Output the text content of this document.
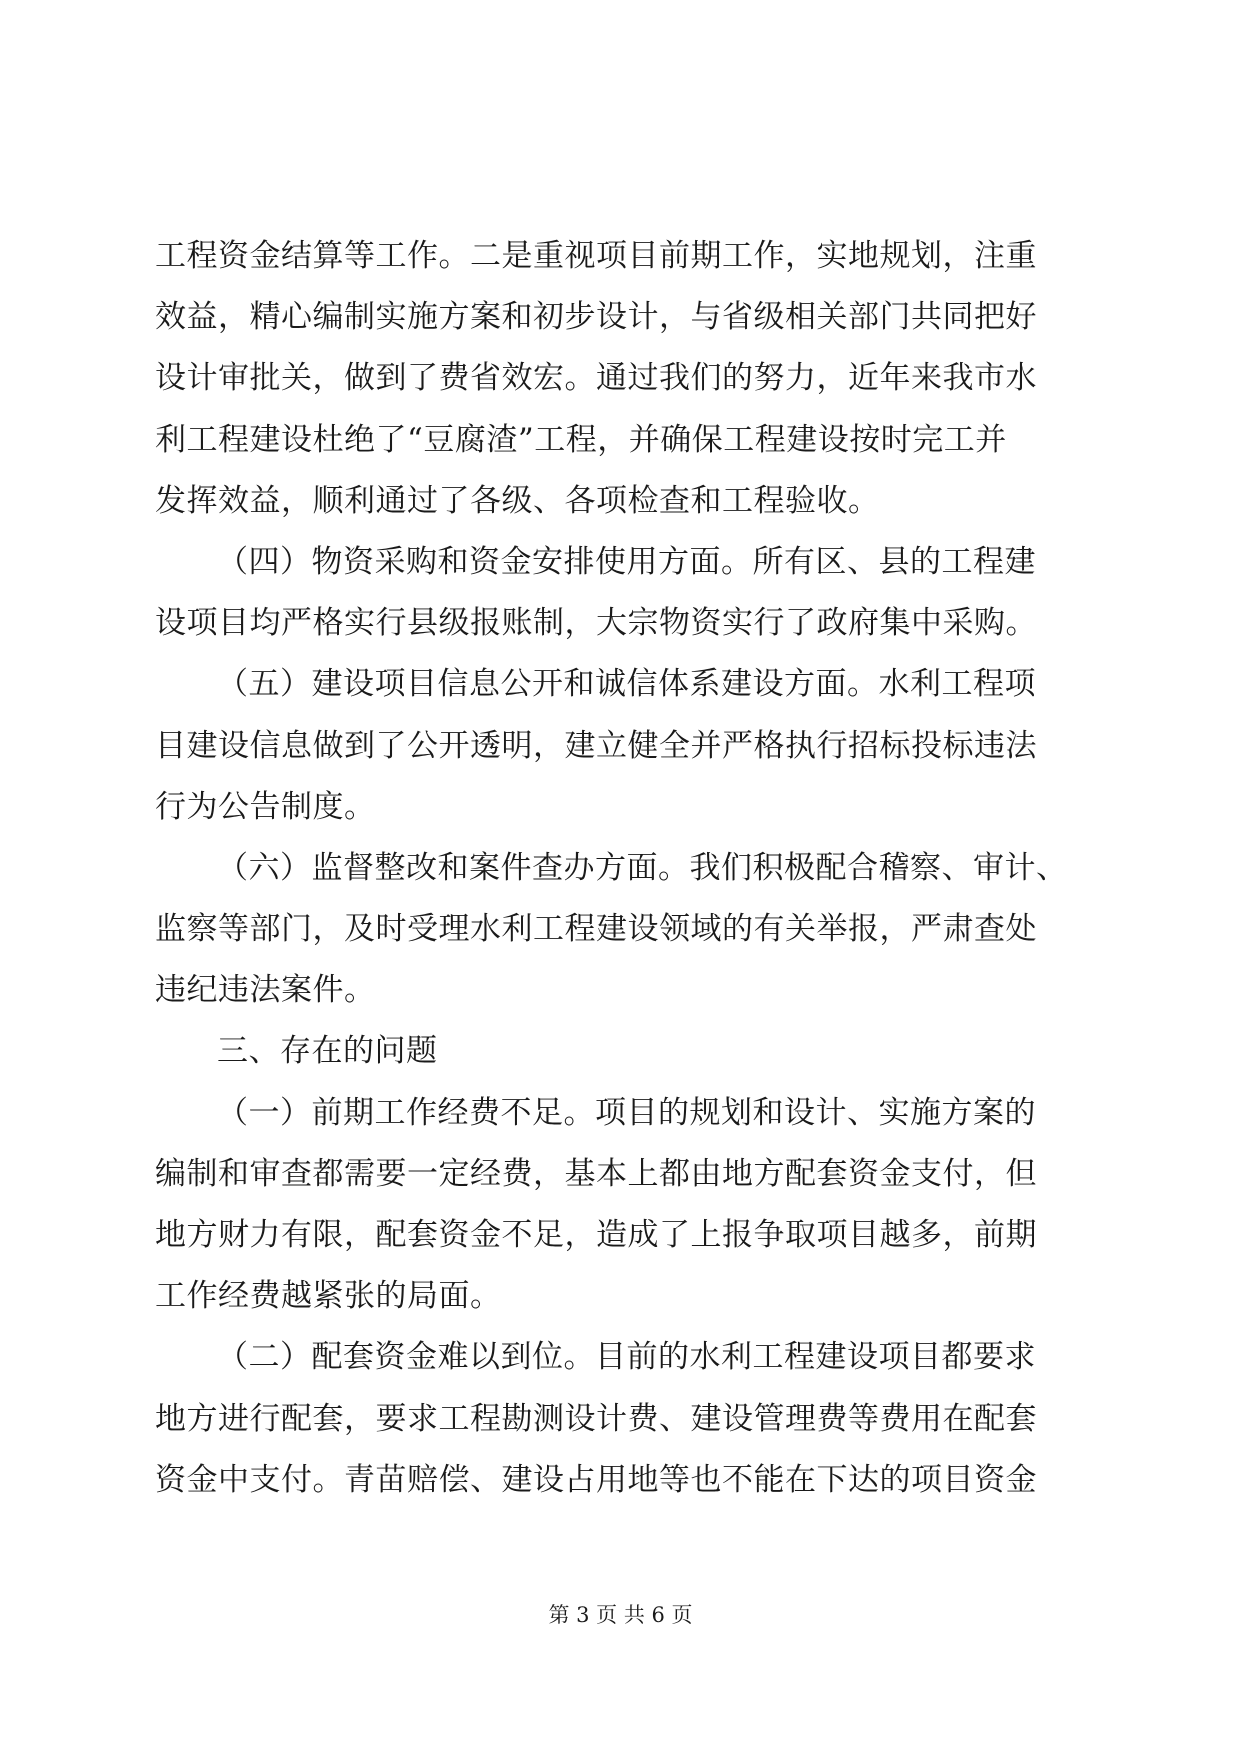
工程资金结算等工作。二是重视项目前期工作，实地规划，注重
效益，精心编制实施方案和初步设计，与省级相关部门共同把好
设计审批关，做到了费省效宏。通过我们的努力，近年来我市水
利工程建设杜绝了“豆腐渣”工程，并确保工程建设按时完工并
发挥效益，顺利通过了各级、各项检查和工程验收。
（四）物资采购和资金安排使用方面。所有区、县的工程建
设项目均严格实行县级报账制，大宗物资实行了政府集中采购。
（五）建设项目信息公开和诚信体系建设方面。水利工程项
目建设信息做到了公开透明，建立健全并严格执行招标投标违法
行为公告制度。
（六）监督整改和案件查办方面。我们积极配合稽察、审计、
监察等部门，及时受理水利工程建设领域的有关举报，严肃查处
违纪违法案件。
三、存在的问题
（一）前期工作经费不足。项目的规划和设计、实施方案的
编制和审查都需要一定经费，基本上都由地方配套资金支付，但
地方财力有限，配套资金不足，造成了上报争取项目越多，前期
工作经费越紧张的局面。
（二）配套资金难以到位。目前的水利工程建设项目都要求
地方进行配套，要求工程勘测设计费、建设管理费等费用在配套
资金中支付。青苗赔偿、建设占用地等也不能在下达的项目资金
第 3 页 共 6 页
